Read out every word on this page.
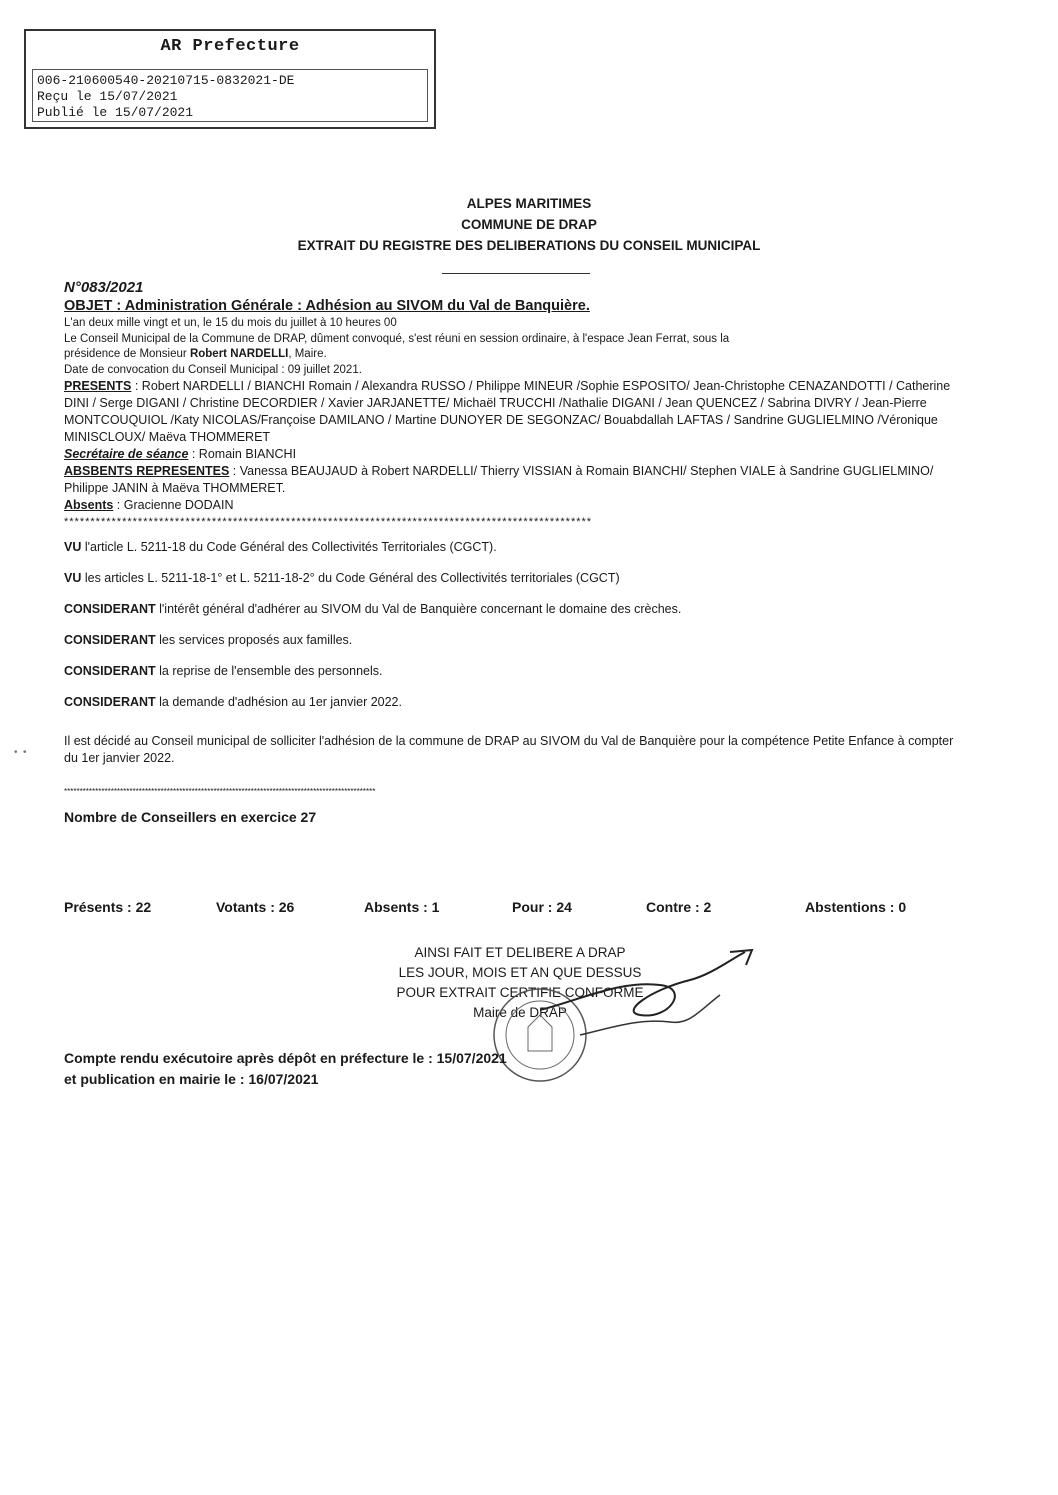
AR Prefecture
006-210600540-20210715-0832021-DE
Reçu le 15/07/2021
Publié le 15/07/2021
ALPES MARITIMES
COMMUNE DE DRAP
EXTRAIT DU REGISTRE DES DELIBERATIONS DU CONSEIL MUNICIPAL
N°083/2021
OBJET : Administration Générale : Adhésion au SIVOM du Val de Banquière.
L'an deux mille vingt et un, le 15 du mois du juillet à 10 heures 00
Le Conseil Municipal de la Commune de DRAP, dûment convoqué, s'est réuni en session ordinaire, à l'espace Jean Ferrat, sous la
présidence de Monsieur Robert NARDELLI, Maire.
Date de convocation du Conseil Municipal : 09 juillet 2021.
PRESENTS : Robert NARDELLI / BIANCHI Romain / Alexandra RUSSO / Philippe MINEUR /Sophie ESPOSITO/ Jean-Christophe CENAZANDOTTI / Catherine DINI / Serge DIGANI / Christine DECORDIER / Xavier JARJANETTE/ Michaël TRUCCHI /Nathalie DIGANI / Jean QUENCEZ / Sabrina DIVRY / Jean-Pierre MONTCOUQUIOL /Katy NICOLAS/Françoise DAMILANO / Martine DUNOYER DE SEGONZAC/ Bouabdallah LAFTAS / Sandrine GUGLIELMINO /Véronique MINISCLOUX/ Maëva THOMMERET
Secrétaire de séance : Romain BIANCHI
ABSBENTS REPRESENTES : Vanessa BEAUJAUD à Robert NARDELLI/ Thierry VISSIAN à Romain BIANCHI/ Stephen VIALE à Sandrine GUGLIELMINO/ Philippe JANIN à Maëva THOMMERET.
Absents : Gracienne DODAIN
****************************************************************************************************
VU l'article L. 5211-18 du Code Général des Collectivités Territoriales (CGCT).
VU les articles L. 5211-18-1° et L. 5211-18-2° du Code Général des Collectivités territoriales (CGCT)
CONSIDERANT l'intérêt général d'adhérer au SIVOM du Val de Banquière concernant le domaine des crèches.
CONSIDERANT les services proposés aux familles.
CONSIDERANT la reprise de l'ensemble des personnels.
CONSIDERANT la demande d'adhésion au 1er janvier 2022.
Il est décidé au Conseil municipal de solliciter l'adhésion de la commune de DRAP au SIVOM du Val de Banquière pour la compétence Petite Enfance à compter du 1er janvier 2022.
****************************************************************************************************
Nombre de Conseillers en exercice 27
Présents : 22	Votants : 26	Absents : 1	Pour : 24	Contre : 2	Abstentions : 0
AINSI FAIT ET DELIBERE A DRAP
LES JOUR, MOIS ET AN QUE DESSUS
POUR EXTRAIT CERTIFIE CONFORME
Maire de DRAP
Compte rendu exécutoire après dépôt en préfecture le : 15/07/2021
et publication en mairie le : 16/07/2021
•  •
